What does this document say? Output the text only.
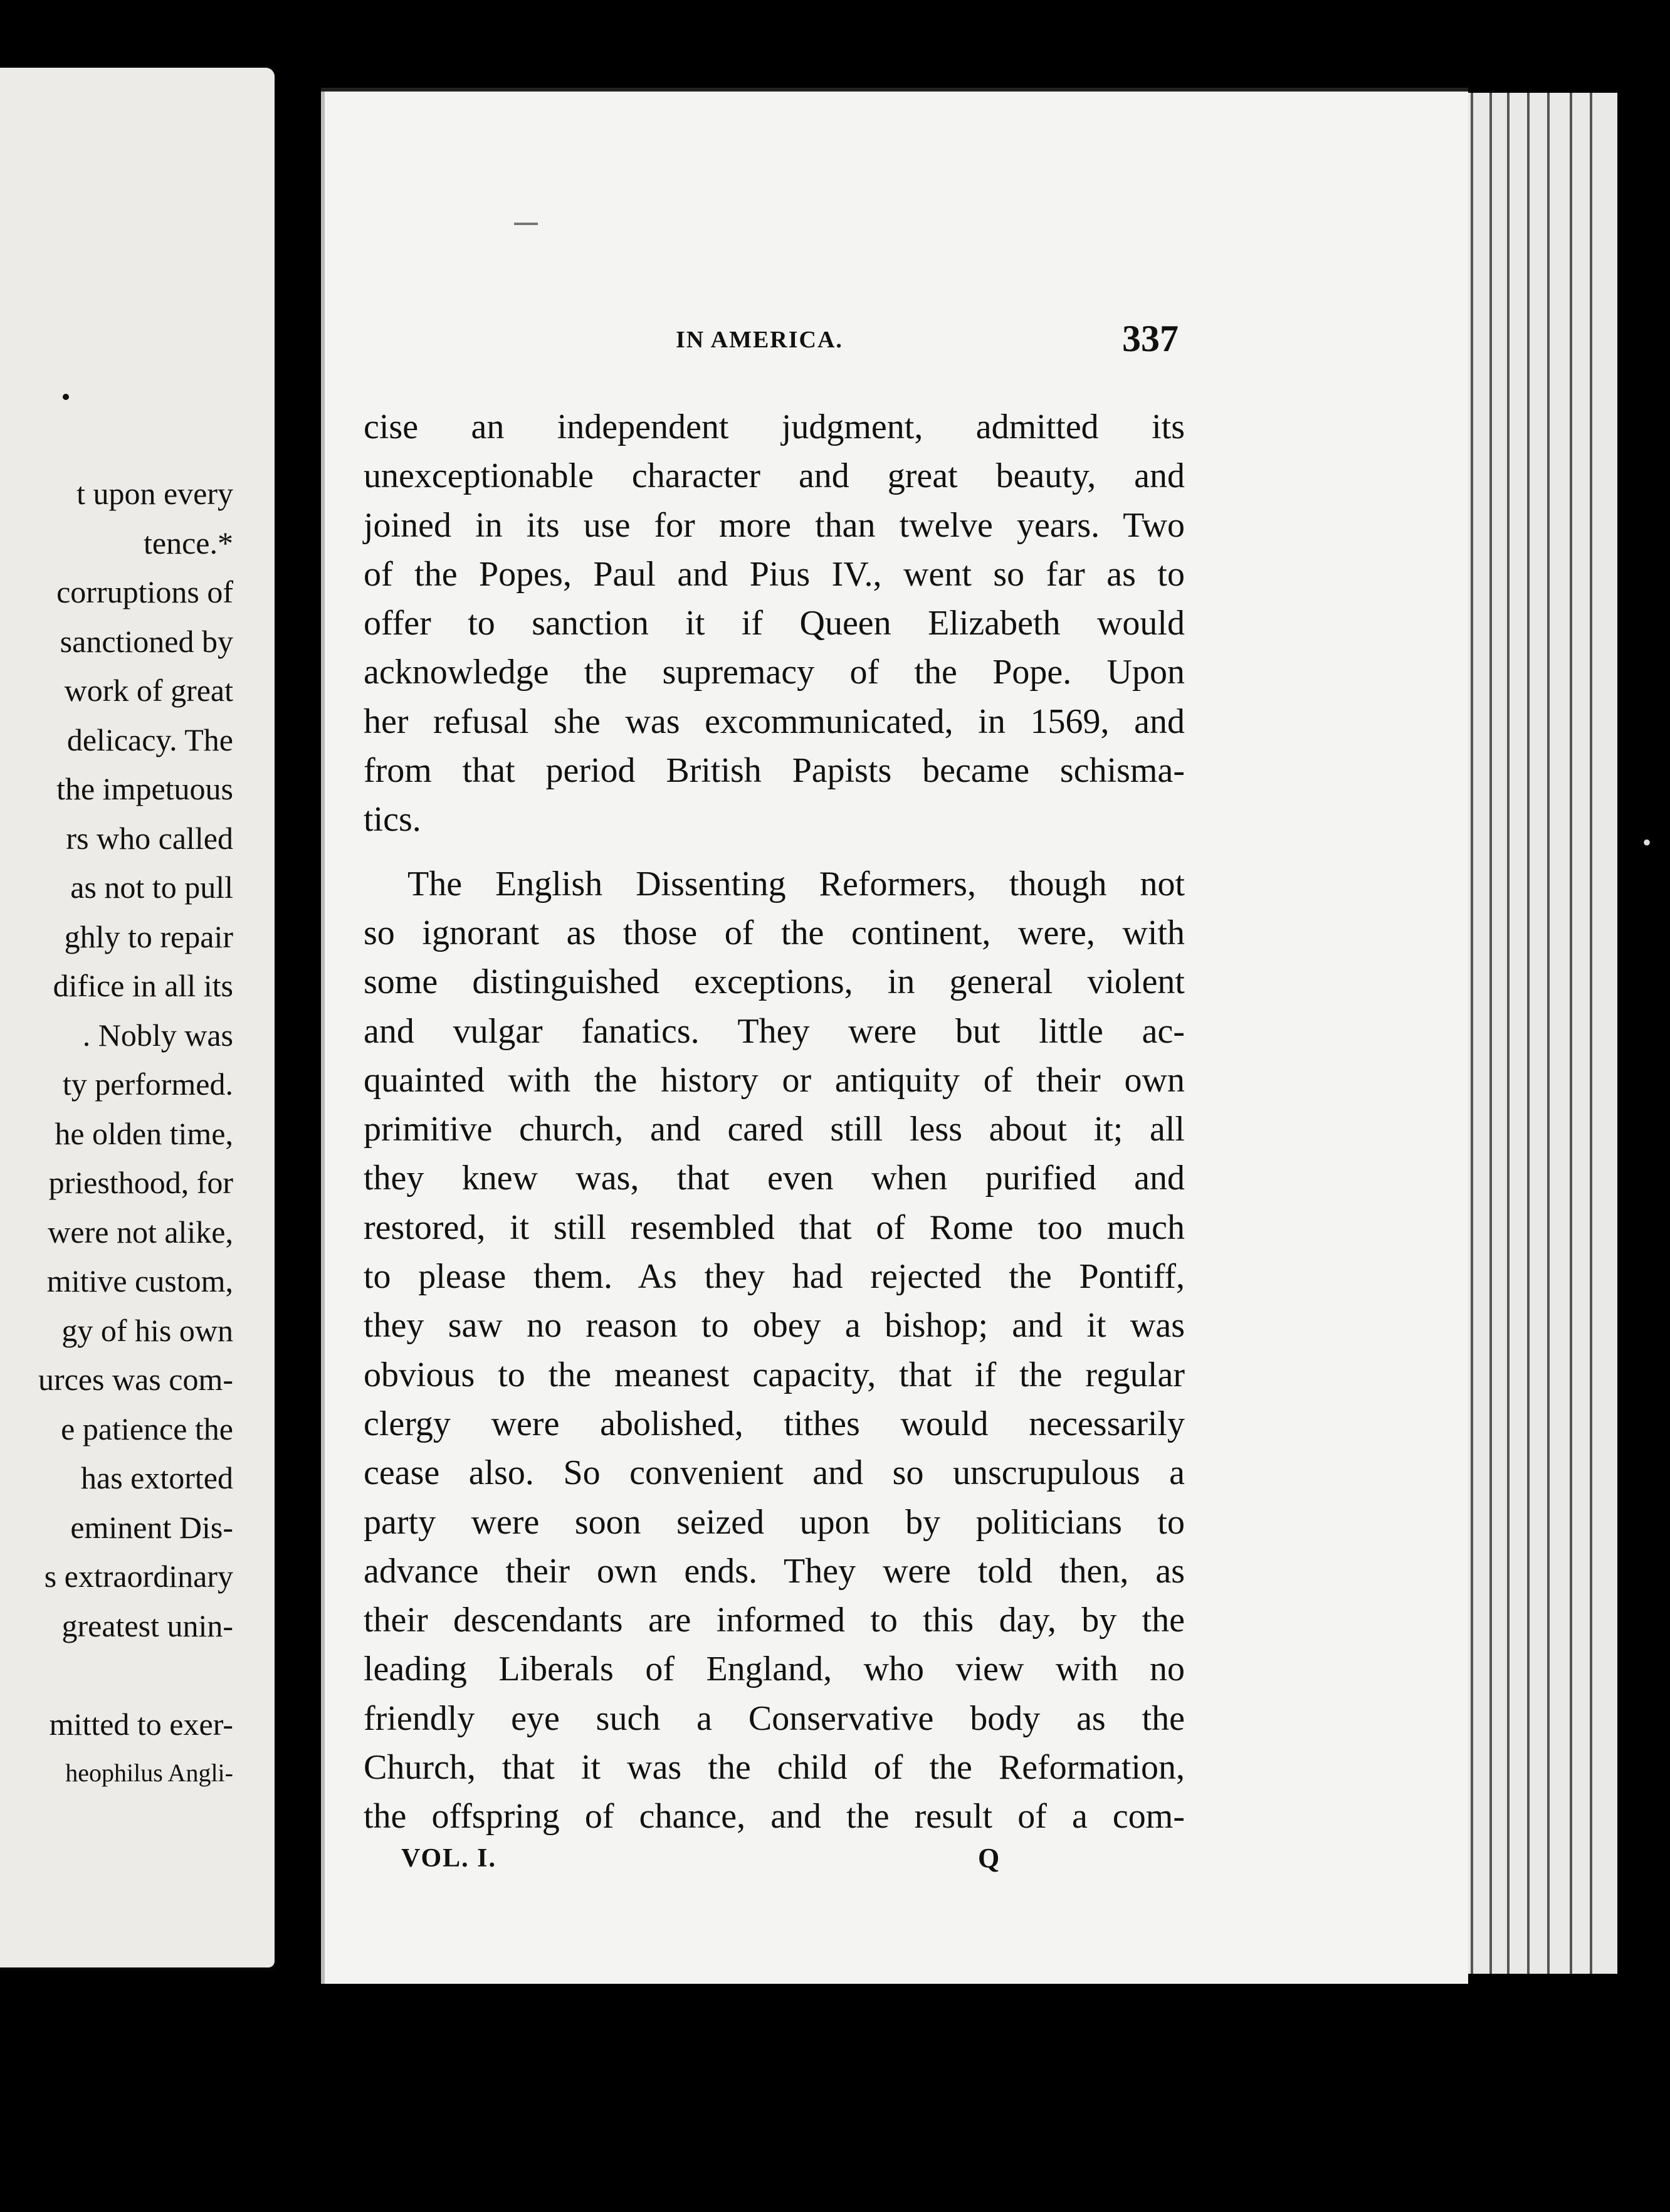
t upon every
tence.*
corruptions of
sanctioned by
work of great
delicacy. The
the impetuous
rs who called
as not to pull
ghly to repair
difice in all its
. Nobly was
ty performed.
he olden time,
priesthood, for
were not alike,
mitive custom,
gy of his own
urces was com-
e patience the
has extorted
eminent Dis-
s extraordinary
greatest unin-

mitted to exer-
heophilus Angli-
IN AMERICA.	337
cise an independent judgment, admitted its
unexceptionable character and great beauty, and
joined in its use for more than twelve years. Two
of the Popes, Paul and Pius IV., went so far as to
offer to sanction it if Queen Elizabeth would
acknowledge the supremacy of the Pope. Upon
her refusal she was excommunicated, in 1569, and
from that period British Papists became schisma-
tics.
The English Dissenting Reformers, though not
so ignorant as those of the continent, were, with
some distinguished exceptions, in general violent
and vulgar fanatics. They were but little ac-
quainted with the history or antiquity of their own
primitive church, and cared still less about it; all
they knew was, that even when purified and
restored, it still resembled that of Rome too much
to please them. As they had rejected the Pontiff,
they saw no reason to obey a bishop; and it was
obvious to the meanest capacity, that if the regular
clergy were abolished, tithes would necessarily
cease also. So convenient and so unscrupulous a
party were soon seized upon by politicians to
advance their own ends. They were told then, as
their descendants are informed to this day, by the
leading Liberals of England, who view with no
friendly eye such a Conservative body as the
Church, that it was the child of the Reformation,
the offspring of chance, and the result of a com-
VOL. I.	Q
•
